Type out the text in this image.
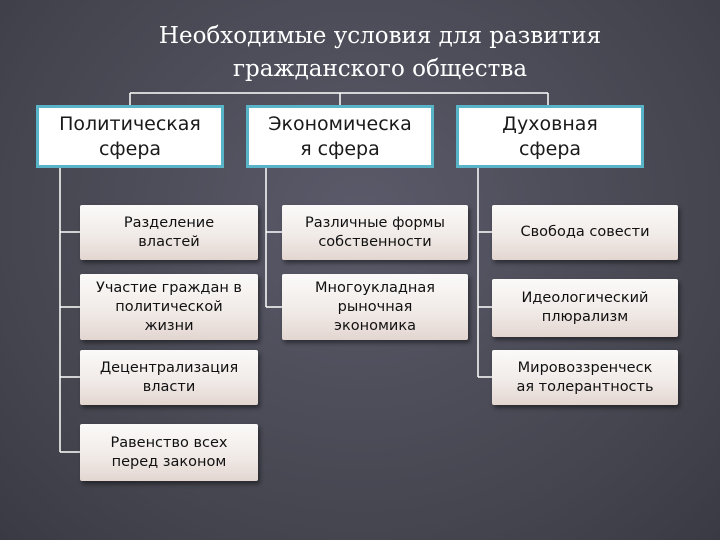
Необходимые условия для развития
гражданского общества
Политическая
сфера
Экономическа
я сфера
Духовная
сфера
Разделение
властей
Участие граждан в
политической
жизни
Децентрализация
власти
Равенство всех
перед законом
Различные формы
собственности
Многоукладная
рыночная
экономика
Свобода совести
Идеологический
плюрализм
Мировоззренческ
ая толерантность
